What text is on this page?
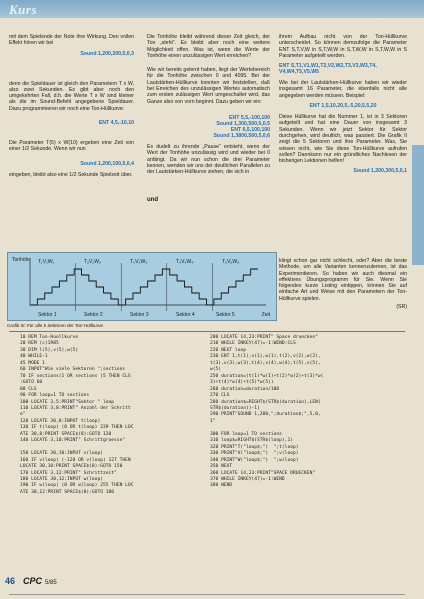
Kurs

mit dem Spielende der Note ihre Wirkung. Den vollen Effekt hören wir bei

Sound 1,200,200,5,0,3

denn die Spieldauer ist gleich den Parametern T x W, also zwei Sekunden. Es gibt aber noch den umgekehrten Fall, d.h. die Werte T x W sind kleiner als die im Sound-Befehl angegebene Spieldauer. Dazu programmieren wir noch eine Ton-Hüllkurve:

ENT 4,5,-10,10

Die Parameter T(5) x W(10) ergeben eine Zeit von einer 1/2 Sekunde. Wenn wir nun

Sound 1,200,100,5,0,4

eingeben, bleibt also eine 1/2 Sekunde Spielzeit über.

Die Tonhöhe bleibt während dieser Zeit gleich, der Ton „steht“. Es bleibt aber noch eine weitere Möglichkeit offen. Was ist, wenn die Werte der Tonhöhe einen unzulässigen Wert erreichen?

Wie wir bereits gelernt haben, liegt der Wertebereich für die Tonhöhe zwischen 0 und 4095. Bei der Lautstärken-Hüllkurve konnten wir feststellen, daß bei Erreichen des unzulässigen Wertes automatisch zum ersten zulässigen Wert umgeschaltet wird, das Ganze also von vorn beginnt. Dazu geben wir ein:

ENT 5,5,-100,100
Sound 1,300,500,5,0,5
ENT 6,5,100,100
Sound 1,3800,500,5,0,6

Es dudelt zu ihrende „Pause“ entsteht, wenn der Wert der Tonhöhe unzulässig wird und wieder bei 0 anfängt. Da wir nun schon die drei Parameter kennen, wenden wir uns der deutlichen Parallelen zu der Lautstärken-Hüllkurve ziehen, die sich in

und

ihrem Aufbau nicht von der Ton-Hüllkurve unterscheidet. So können demzufolge die Parameter ENT S,T,V,W in S,T,W,W in S,T,W,W in S,T,W,W in S Parameter aufgeteilt werden.

ENT S,T1,V1,W1,T2,V2,W2,T3,V3,W3,T4,
V4,W4,T5,V5,W5

Wie bei der Lautstärken-Hüllkurve haben wir wieder insgesamt 16 Parameter, die ebenfalls nicht alle angegeben werden müssen. Beispiel:

ENT 1,5,10,20,5,-5,20,5,5,20

Diese Hüllkurve hat die Nummer 1, ist in 3 Sektoren aufgeteilt und hat eine Dauer von insgesamt 3 Sekunden. Wenn wir jetzt Sektor für Sektor durchgehen, wird deutlich, was passiert. Die Grafik II zeigt die 5 Sektoren und ihre Parameter. Was, Sie wissen nicht, wie Sie diese Ton-Hüllkurve aufrufen sollen? Dannkann nur ein gründliches Nachlesen der bisherigen Lektionen helfen!

Sound 1,200,300,5,0,1
Tonhöhe
Zeit
T₁V₁W₁	T₂V₂W₂	T₃V₃W₃	T₄V₄W₄	T₅V₅W₅
Sektor 1	Sektor 2	Sektor 3	Sektor 4	Sektor 5
Grafik III: Für alle 5 Sektoren der Ton-Hüllkurve

klingt schon gar nicht schlecht, oder? Aber die beste Methode, um alle Varianten kennenzulernen, ist das Experimentieren. So haben wir auch diesmal ein effektives Übungsprogramm für Sie. Wenn Sie folgendes kurze Listing eintippen, können Sie auf einfache Art und Weise mit den Parametern der Ton-Hüllkurve spielen.

(SR)
10 REM Ton-Huellkurve
20 REM (c)1985
30 DIM l(5),v(5),w(5)
40 WHILE-1
45 MODE 1
60 INPUT"Wie viele Sektoren ";sections
70 IF sections(1 OR sections )5 THEN CLS
:GOTO 60
80 CLS
90 FOR loop=1 TO sections
100 LOCATE 3,5:PRINT"Sektor " loop
110 LOCATE 3,8:PRINT" Anzahl der Schritt
e"
120 LOCATE 30,8:INPUT t(loop)
130 IF t(loop) (0 OR t(loop) 239 THEN LOC
ATE 30,8:PRINT SPACE$(8):GOTO 120
140 LOCATE 3,10:PRINT" Schrittgroesse"

150 LOCATE 30,10:INPUT v(loop)
160 IF v(loop) (-128 OR v(loop) 127 THEN
LOCATE 30,10:PRINT SPACE$(8):GOTO 150
170 LOCATE 3,12:PRINT" Schrittzeit"
180 LOCATE 30,12:INPUT w(loop)
190 IF w(loop) (0 OR w(loop) 255 THEN LOC
ATE 30,12:PRINT SPACE$(8):GOTO 180
200 LOCATE 14,23:PRINT" Space druecken"
210 WHILE INKEY(47)=-1:WEND:CLS
220 NEXT loop
230 ENT 1,t(1),v(1),w(1),t(2),v(2),w(2),
t(3),v(3),w(3),t(4),v(4),w(4),t(5),v(5),
w(5)
250 duration=(t(1)*w(1)+t(2)*w(2)+t(3)*w(
3)+t(4)*w(4)+t(5)*w(5))
260 duration=duration/100
270 CLS
280 duration$=RIGHT$(STR$(duration),LEN(
STR$(duration))-1)
290 PRINT"SOUND 1,200,";duration$;",5,0,
1"

300 FOR loop=1 TO sections
310 loop$=RIGHT$(STR$(loop),1)
320 PRINT"T("loop$;")  ";t(loop)
330 PRINT"V("loop$;")  ";v(loop)
340 PRINT"W("loop$;")  ";w(loop)
350 NEXT
360 LOCATE 14,23:PRINT"SPACE DRUECKEN"
370 WHILE INKEY(47)=-1:WEND
380 WEND
46 CPC 5/85
